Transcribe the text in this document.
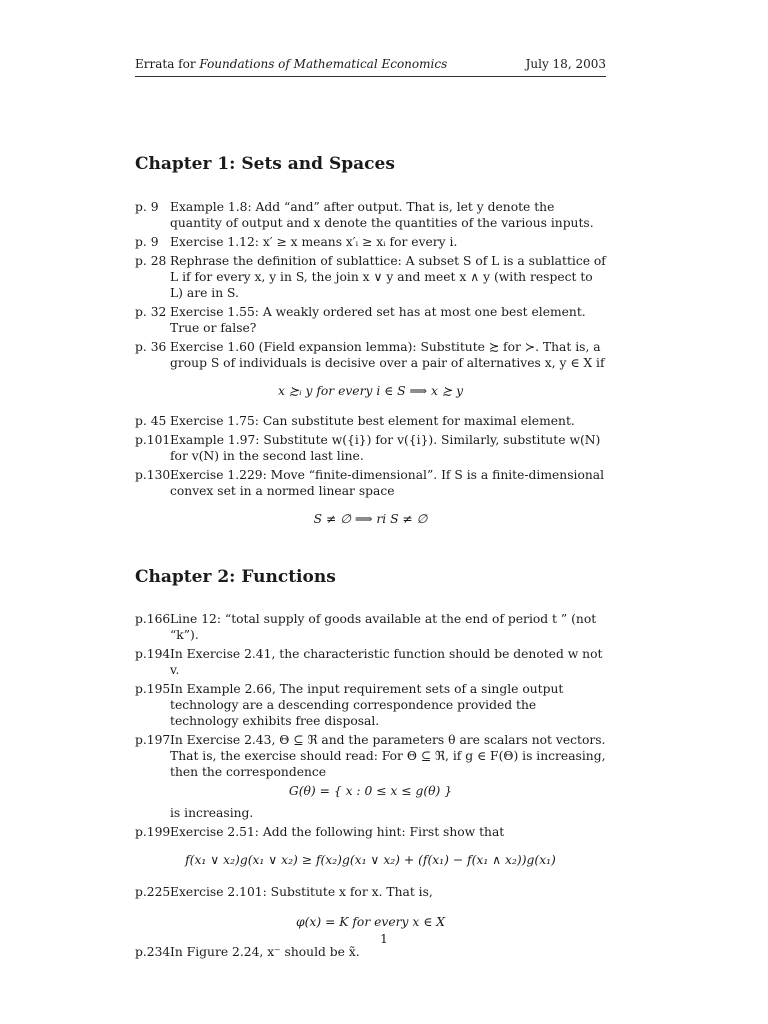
Errata for Foundations of Mathematical Economics	July 18, 2003
Chapter 1: Sets and Spaces
p. 9 Example 1.8: Add “and” after output. That is, let y denote the quantity of output and x denote the quantities of the various inputs.
p. 9 Exercise 1.12: x′ ≥ x means x′ᵢ ≥ xᵢ for every i.
p. 28 Rephrase the definition of sublattice: A subset S of L is a sublattice of L if for every x, y in S, the join x ∨ y and meet x ∧ y (with respect to L) are in S.
p. 32 Exercise 1.55: A weakly ordered set has at most one best element. True or false?
p. 36 Exercise 1.60 (Field expansion lemma): Substitute ≿ for ≻. That is, a group S of individuals is decisive over a pair of alternatives x, y ∈ X if
x ≿ᵢ y for every i ∈ S ⟹ x ≿ y
p. 45 Exercise 1.75: Can substitute best element for maximal element.
p.101 Example 1.97: Substitute w({i}) for v({i}). Similarly, substitute w(N) for v(N) in the second last line.
p.130 Exercise 1.229: Move “finite-dimensional”. If S is a finite-dimensional convex set in a normed linear space
S ≠ ∅ ⟹ ri S ≠ ∅
Chapter 2: Functions
p.166 Line 12: “total supply of goods available at the end of period t ” (not “k”).
p.194 In Exercise 2.41, the characteristic function should be denoted w not v.
p.195 In Example 2.66, The input requirement sets of a single output technology are a descending correspondence provided the technology exhibits free disposal.
p.197 In Exercise 2.43, Θ ⊆ ℜ and the parameters θ are scalars not vectors. That is, the exercise should read: For Θ ⊆ ℜ, if g ∈ F(Θ) is increasing, then the correspondence
G(θ) = { x : 0 ≤ x ≤ g(θ) }
is increasing.
p.199 Exercise 2.51: Add the following hint: First show that
f(x₁ ∨ x₂)g(x₁ ∨ x₂) ≥ f(x₂)g(x₁ ∨ x₂) + (f(x₁) − f(x₁ ∧ x₂))g(x₁)
p.225 Exercise 2.101: Substitute x for x. That is,
φ(x) = K for every x ∈ X
p.234 In Figure 2.24, x⁻ should be x̃.
1
